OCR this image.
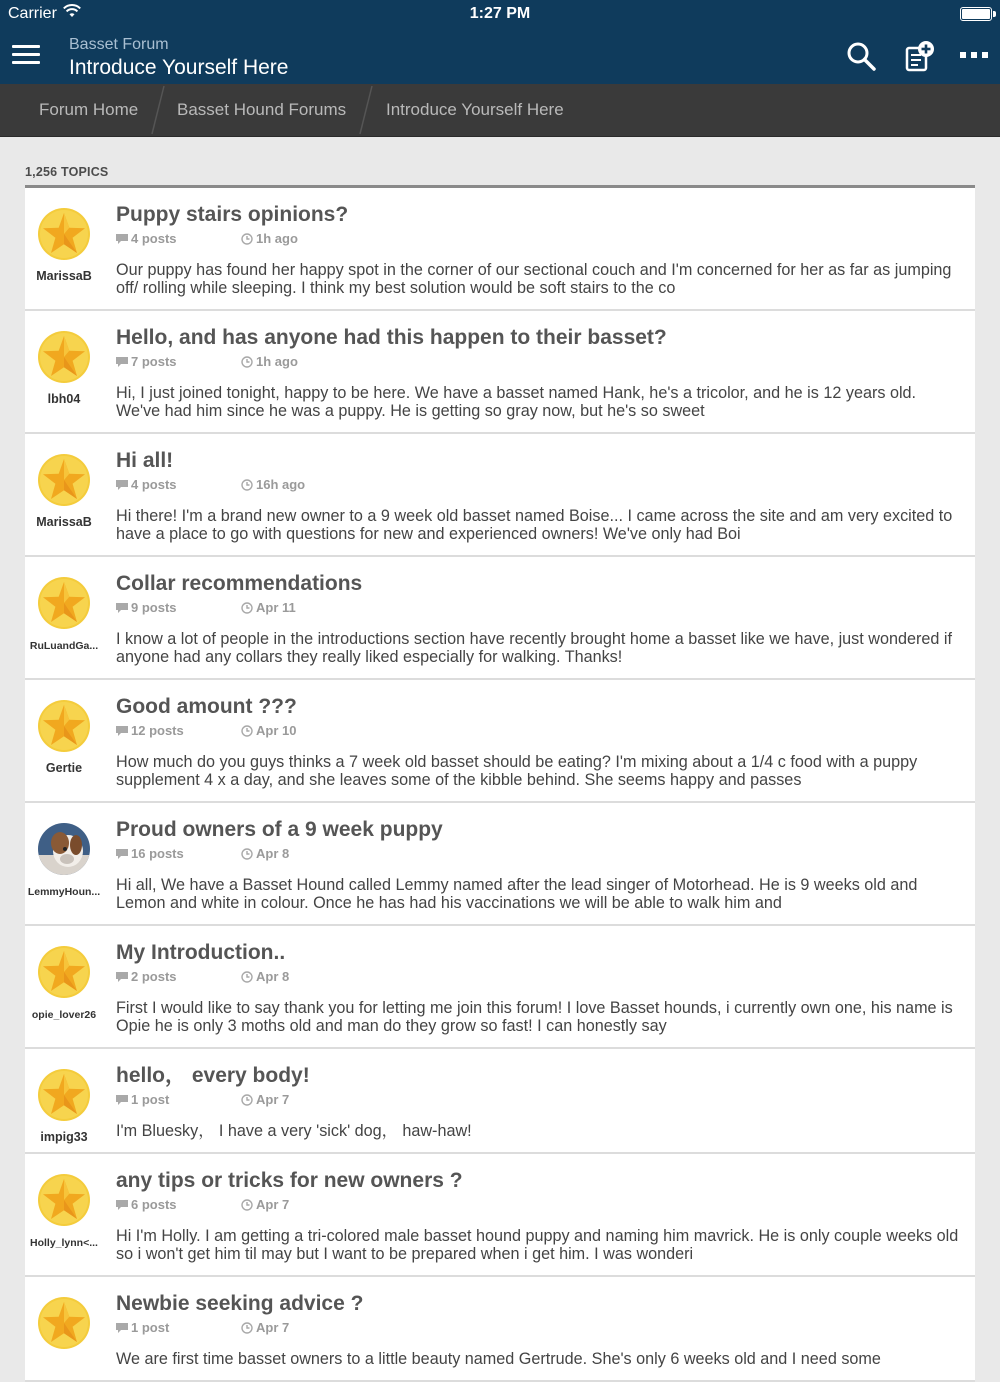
Carrier	1:27 PM
Basset Forum
Introduce Yourself Here
Forum Home Basset Hound Forums Introduce Yourself Here
1,256 TOPICS
MarissaB
Puppy stairs opinions?
4 posts	1h ago
Our puppy has found her happy spot in the corner of our sectional couch and I'm concerned for her as far as jumping off/ rolling while sleeping. I think my best solution would be soft stairs to the co
lbh04
Hello, and has anyone had this happen to their basset?
7 posts	1h ago
Hi, I just joined tonight, happy to be here. We have a basset named Hank, he's a tricolor, and he is 12 years old. We've had him since he was a puppy. He is getting so gray now, but he's so sweet
MarissaB
Hi all!
4 posts	16h ago
Hi there! I'm a brand new owner to a 9 week old basset named Boise... I came across the site and am very excited to have a place to go with questions for new and experienced owners! We've only had Boi
RuLuandGa...
Collar recommendations
9 posts	Apr 11
I know a lot of people in the introductions section have recently brought home a basset like we have, just wondered if anyone had any collars they really liked especially for walking. Thanks!
Gertie
Good amount ???
12 posts	Apr 10
How much do you guys thinks a 7 week old basset should be eating? I'm mixing about a 1/4 c food with a puppy supplement 4 x a day, and she leaves some of the kibble behind. She seems happy and passes
LemmyHoun...
Proud owners of a 9 week puppy
16 posts	Apr 8
Hi all, We have a Basset Hound called Lemmy named after the lead singer of Motorhead. He is 9 weeks old and Lemon and white in colour. Once he has had his vaccinations we will be able to walk him and
opie_lover26
My Introduction..
2 posts	Apr 8
First I would like to say thank you for letting me join this forum! I love Basset hounds, i currently own one, his name is Opie he is only 3 moths old and man do they grow so fast! I can honestly say
impig33
hello， every body!
1 post	Apr 7
I'm Bluesky， I have a very 'sick' dog， haw-haw!
Holly_lynn<...
any tips or tricks for new owners ?
6 posts	Apr 7
Hi I'm Holly. I am getting a tri-colored male basset hound puppy and naming him mavrick. He is only couple weeks old so i won't get him til may but I want to be prepared when i get him. I was wonderi
Newbie seeking advice ?
1 post	Apr 7
We are first time basset owners to a little beauty named Gertrude. She's only 6 weeks old and I need some
